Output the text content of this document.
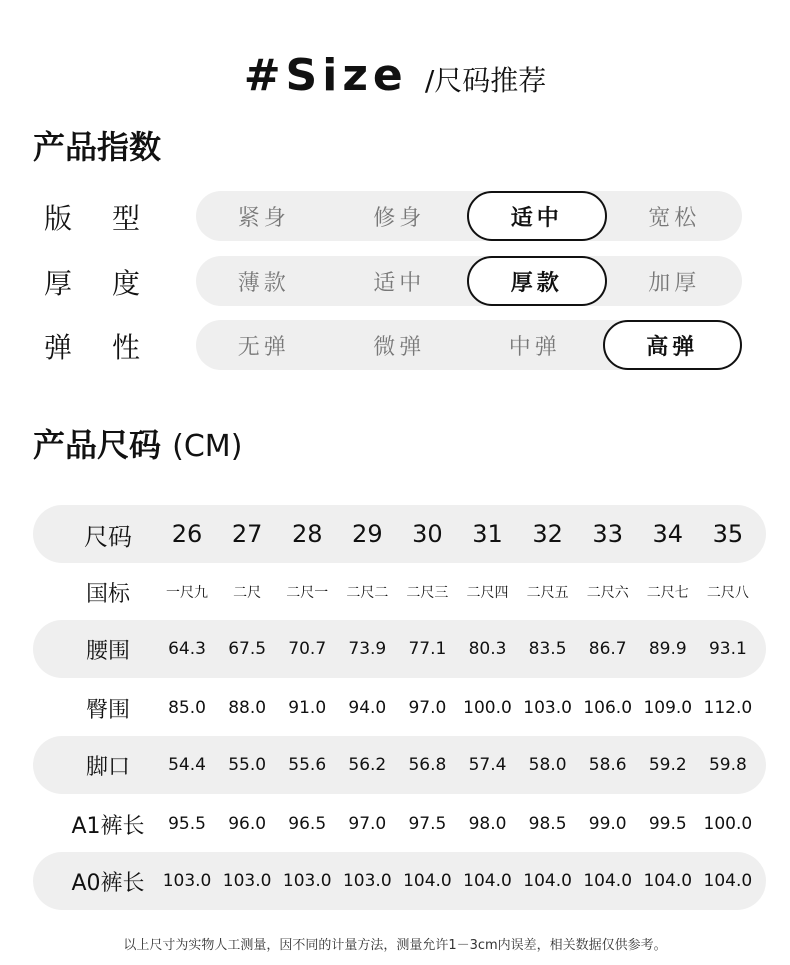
#Size /尺码推荐
产品指数
版 型	紧身	修身	适中	宽松
厚 度	薄款	适中	厚款	加厚
弹 性	无弹	微弹	中弹	高弹
产品尺码 (CM)
尺码	26	27	28	29	30	31	32	33	34	35
国标	一尺九	二尺	二尺一	二尺二	二尺三	二尺四	二尺五	二尺六	二尺七	二尺八
腰围	64.3	67.5	70.7	73.9	77.1	80.3	83.5	86.7	89.9	93.1
臀围	85.0	88.0	91.0	94.0	97.0 100.0 103.0 106.0 109.0 112.0
脚口	54.4	55.0	55.6	56.2	56.8	57.4	58.0	58.6	59.2	59.8
A1裤长	95.5	96.0	96.5	97.0	97.5	98.0	98.5	99.0	99.5 100.0
A0裤长	103.0 103.0 103.0 103.0 104.0 104.0 104.0 104.0 104.0 104.0
以上尺寸为实物人工测量，因不同的计量方法，测量允许1－3cm内误差，相关数据仅供参考。
